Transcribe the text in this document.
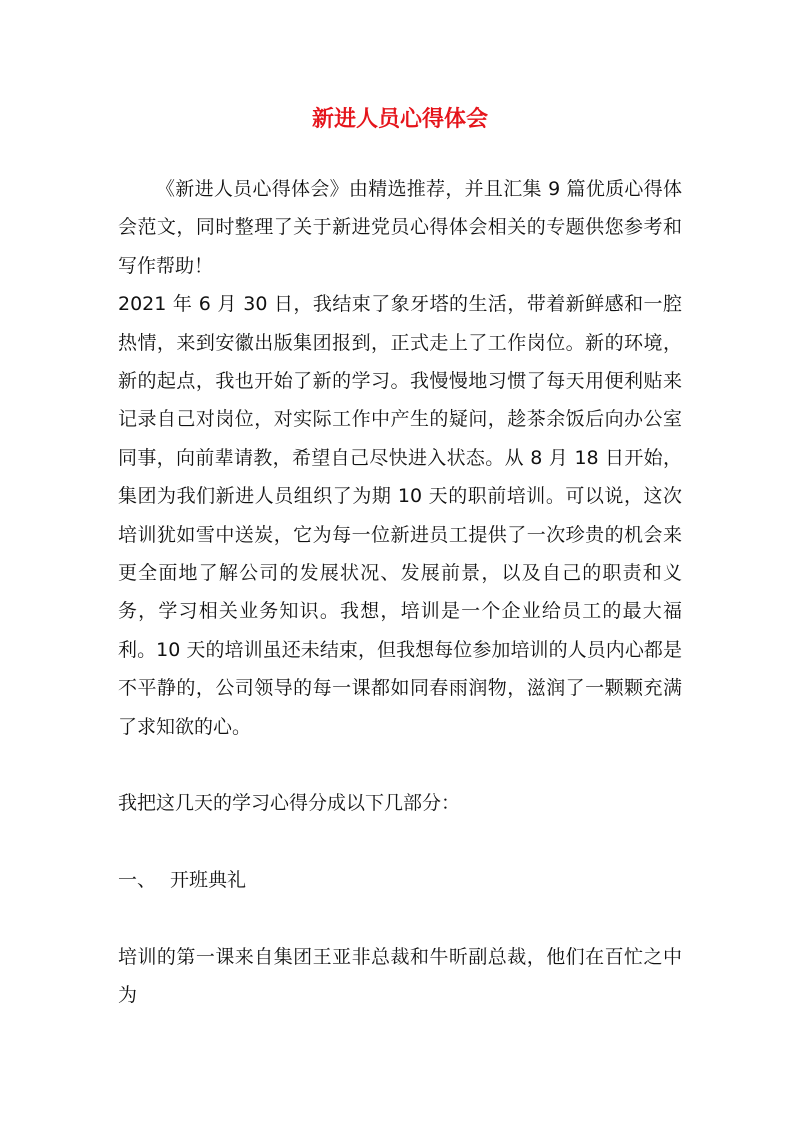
新进人员心得体会

《新进人员心得体会》由精选推荐，并且汇集 9 篇优质心得体会范文，同时整理了关于新进党员心得体会相关的专题供您参考和写作帮助！

2021 年 6 月 30 日，我结束了象牙塔的生活，带着新鲜感和一腔热情，来到安徽出版集团报到，正式走上了工作岗位。新的环境，新的起点，我也开始了新的学习。我慢慢地习惯了每天用便利贴来记录自己对岗位，对实际工作中产生的疑问，趁茶余饭后向办公室同事，向前辈请教，希望自己尽快进入状态。从 8 月 18 日开始，集团为我们新进人员组织了为期 10 天的职前培训。可以说，这次培训犹如雪中送炭，它为每一位新进员工提供了一次珍贵的机会来更全面地了解公司的发展状况、发展前景，以及自己的职责和义务，学习相关业务知识。我想，培训是一个企业给员工的最大福利。10 天的培训虽还未结束，但我想每位参加培训的人员内心都是不平静的，公司领导的每一课都如同春雨润物，滋润了一颗颗充满了求知欲的心。

我把这几天的学习心得分成以下几部分：

一、 开班典礼

培训的第一课来自集团王亚非总裁和牛昕副总裁，他们在百忙之中为
